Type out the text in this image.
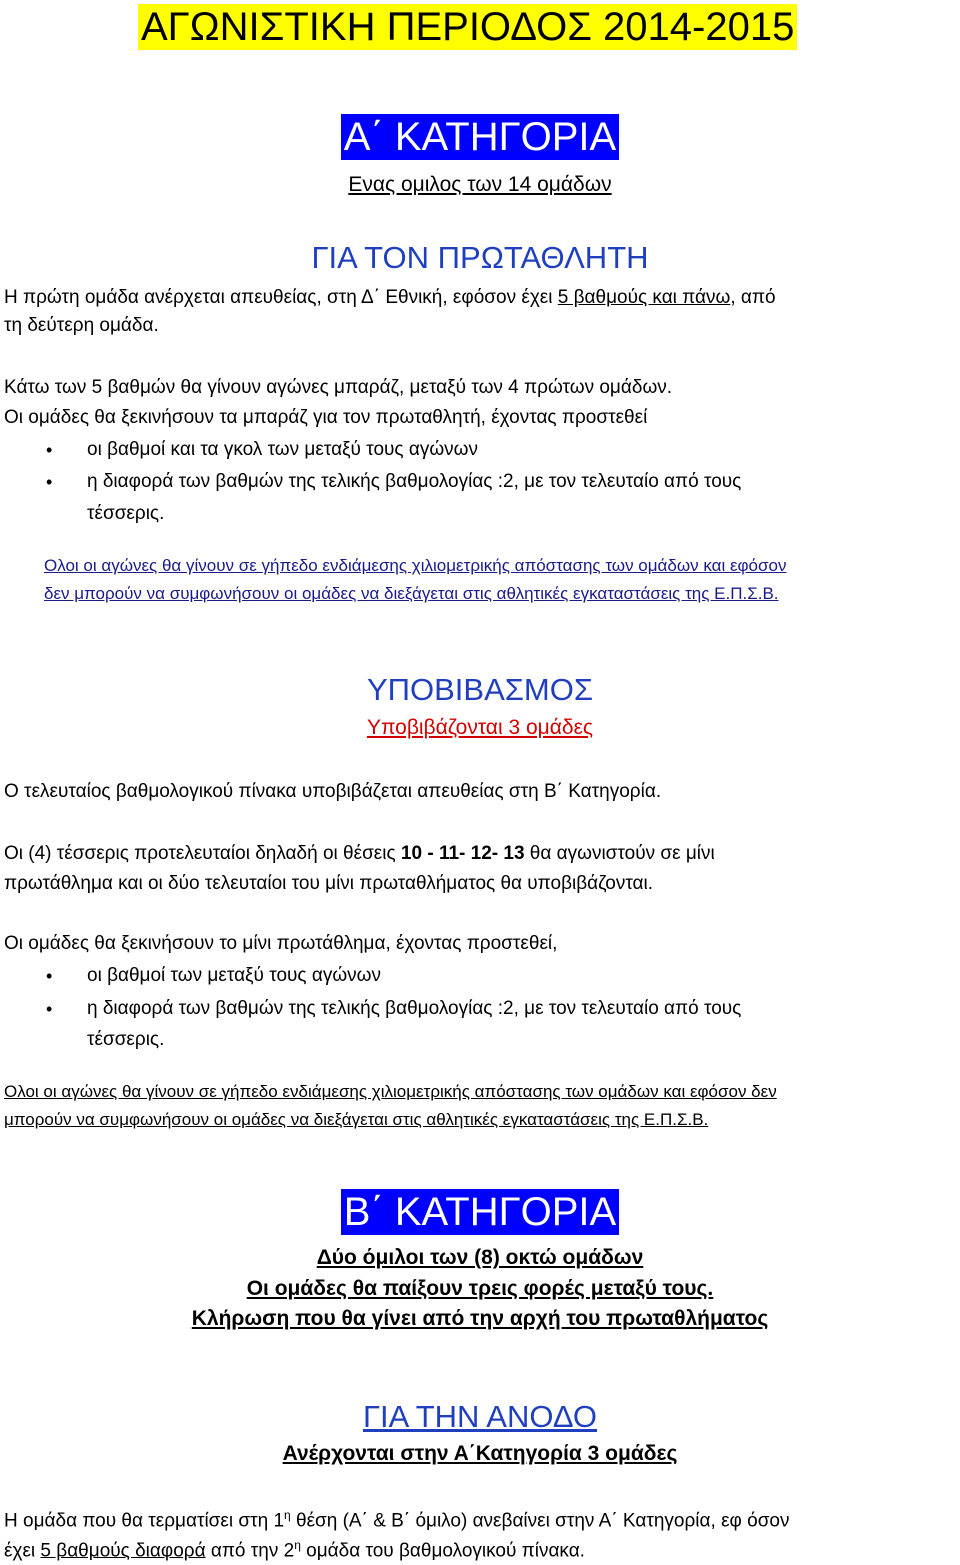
ΑΓΩΝΙΣΤΙΚΗ ΠΕΡΙΟΔΟΣ 2014-2015
Α΄ ΚΑΤΗΓΟΡΙΑ
Ενας ομιλος των 14 ομάδων
ΓΙΑ ΤΟΝ ΠΡΩΤΑΘΛΗΤΗ
Η πρώτη ομάδα ανέρχεται απευθείας, στη Δ΄ Εθνική, εφόσον έχει 5 βαθμούς και πάνω, από
τη δεύτερη ομάδα.
Κάτω των 5 βαθμών θα γίνουν αγώνες μπαράζ, μεταξύ των 4 πρώτων ομάδων.
Οι ομάδες θα ξεκινήσουν τα μπαράζ για τον πρωταθλητή, έχοντας προστεθεί
• οι βαθμοί και τα γκολ των μεταξύ τους αγώνων
• η διαφορά των βαθμών της τελικής βαθμολογίας :2, με τον τελευταίο από τους
τέσσερις.
Ολοι οι αγώνες θα γίνουν σε γήπεδο ενδιάμεσης χιλιομετρικής απόστασης των ομάδων και εφόσον
δεν μπορούν να συμφωνήσουν οι ομάδες να διεξάγεται στις αθλητικές εγκαταστάσεις της Ε.Π.Σ.Β.
ΥΠΟΒΙΒΑΣΜΟΣ
Υποβιβάζονται 3 ομάδες
Ο τελευταίος βαθμολογικού πίνακα υποβιβάζεται απευθείας στη Β΄ Κατηγορία.
Οι (4) τέσσερις προτελευταίοι δηλαδή οι θέσεις 10 - 11- 12- 13 θα αγωνιστούν σε μίνι
πρωτάθλημα και οι δύο τελευταίοι του μίνι πρωταθλήματος θα υποβιβάζονται.
Οι ομάδες θα ξεκινήσουν το μίνι πρωτάθλημα, έχοντας προστεθεί,
• οι βαθμοί των μεταξύ τους αγώνων
• η διαφορά των βαθμών της τελικής βαθμολογίας :2, με τον τελευταίο από τους
τέσσερις.
Ολοι οι αγώνες θα γίνουν σε γήπεδο ενδιάμεσης χιλιομετρικής απόστασης των ομάδων και εφόσον δεν
μπορούν να συμφωνήσουν οι ομάδες να διεξάγεται στις αθλητικές εγκαταστάσεις της Ε.Π.Σ.Β.
Β΄ ΚΑΤΗΓΟΡΙΑ
Δύο όμιλοι των (8) οκτώ ομάδων
Οι ομάδες θα παίξουν τρεις φορές μεταξύ τους.
Κλήρωση που θα γίνει από την αρχή του πρωταθλήματος
ΓΙΑ ΤΗΝ ΑΝΟΔΟ
Ανέρχονται στην Α΄Κατηγορία 3 ομάδες
Η ομάδα που θα τερματίσει στη $1^\eta$ θέση (Α΄ & Β΄ όμιλο) ανεβαίνει στην Α΄ Κατηγορία, εφ όσον
έχει 5 βαθμούς διαφορά από την $2^\eta$ ομάδα του βαθμολογικού πίνακα.
